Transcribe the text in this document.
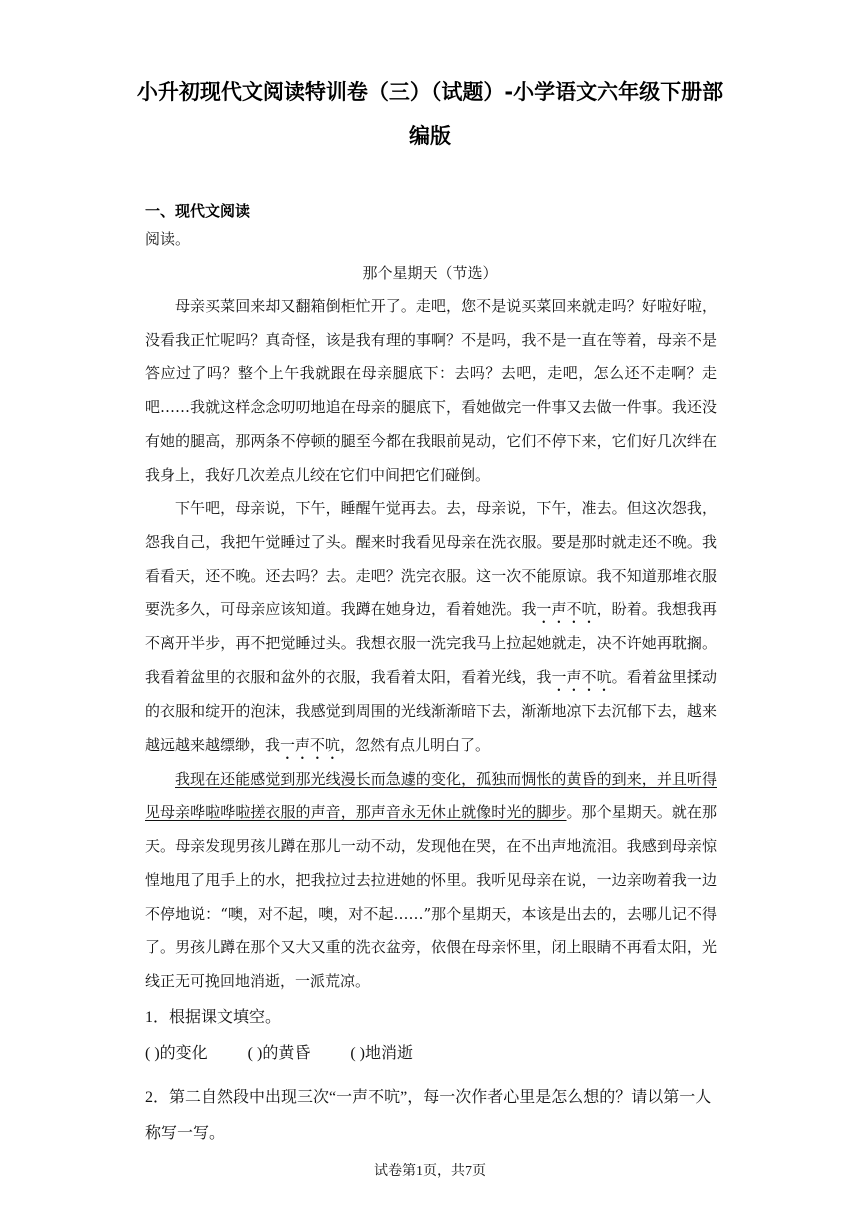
小升初现代文阅读特训卷（三）（试题）-小学语文六年级下册部编版
一、现代文阅读
阅读。
那个星期天（节选）

母亲买菜回来却又翻箱倒柜忙开了。走吧，您不是说买菜回来就走吗？好啦好啦，没看我正忙呢吗？真奇怪，该是我有理的事啊？不是吗，我不是一直在等着，母亲不是答应过了吗？整个上午我就跟在母亲腿底下：去吗？去吧，走吧，怎么还不走啊？走吧……我就这样念念叨叨地追在母亲的腿底下，看她做完一件事又去做一件事。我还没有她的腿高，那两条不停顿的腿至今都在我眼前晃动，它们不停下来，它们好几次绊在我身上，我好几次差点儿绞在它们中间把它们碰倒。

下午吧，母亲说，下午，睡醒午觉再去。去，母亲说，下午，准去。但这次怨我，怨我自己，我把午觉睡过了头。醒来时我看见母亲在洗衣服。要是那时就走还不晚。我看看天，还不晚。还去吗？去。走吧？洗完衣服。这一次不能原谅。我不知道那堆衣服要洗多久，可母亲应该知道。我蹲在她身边，看着她洗。我一声不吭，盼着。我想我再不离开半步，再不把觉睡过头。我想衣服一洗完我马上拉起她就走，决不许她再耽搁。我看着盆里的衣服和盆外的衣服，我看着太阳，看着光线，我一声不吭。看着盆里揉动的衣服和绽开的泡沫，我感觉到周围的光线渐渐暗下去，渐渐地凉下去沉郁下去，越来越远越来越缥缈，我一声不吭，忽然有点儿明白了。

我现在还能感觉到那光线漫长而急遽的变化，孤独而惆怅的黄昏的到来，并且听得见母亲哗啦哗啦搓衣服的声音，那声音永无休止就像时光的脚步。那个星期天。就在那天。母亲发现男孩儿蹲在那儿一动不动，发现他在哭，在不出声地流泪。我感到母亲惊惶地甩了甩手上的水，把我拉过去拉进她的怀里。我听见母亲在说，一边亲吻着我一边不停地说：“噢，对不起，噢，对不起……”那个星期天，本该是出去的，去哪儿记不得了。男孩儿蹲在那个又大又重的洗衣盆旁，依偎在母亲怀里，闭上眼睛不再看太阳，光线正无可挽回地消逝，一派荒凉。

1．根据课文填空。
( )的变化	( )的黄昏	( )地消逝
2．第二自然段中出现三次“一声不吭”，每一次作者心里是怎么想的？请以第一人称写一写。
试卷第1页，共7页
